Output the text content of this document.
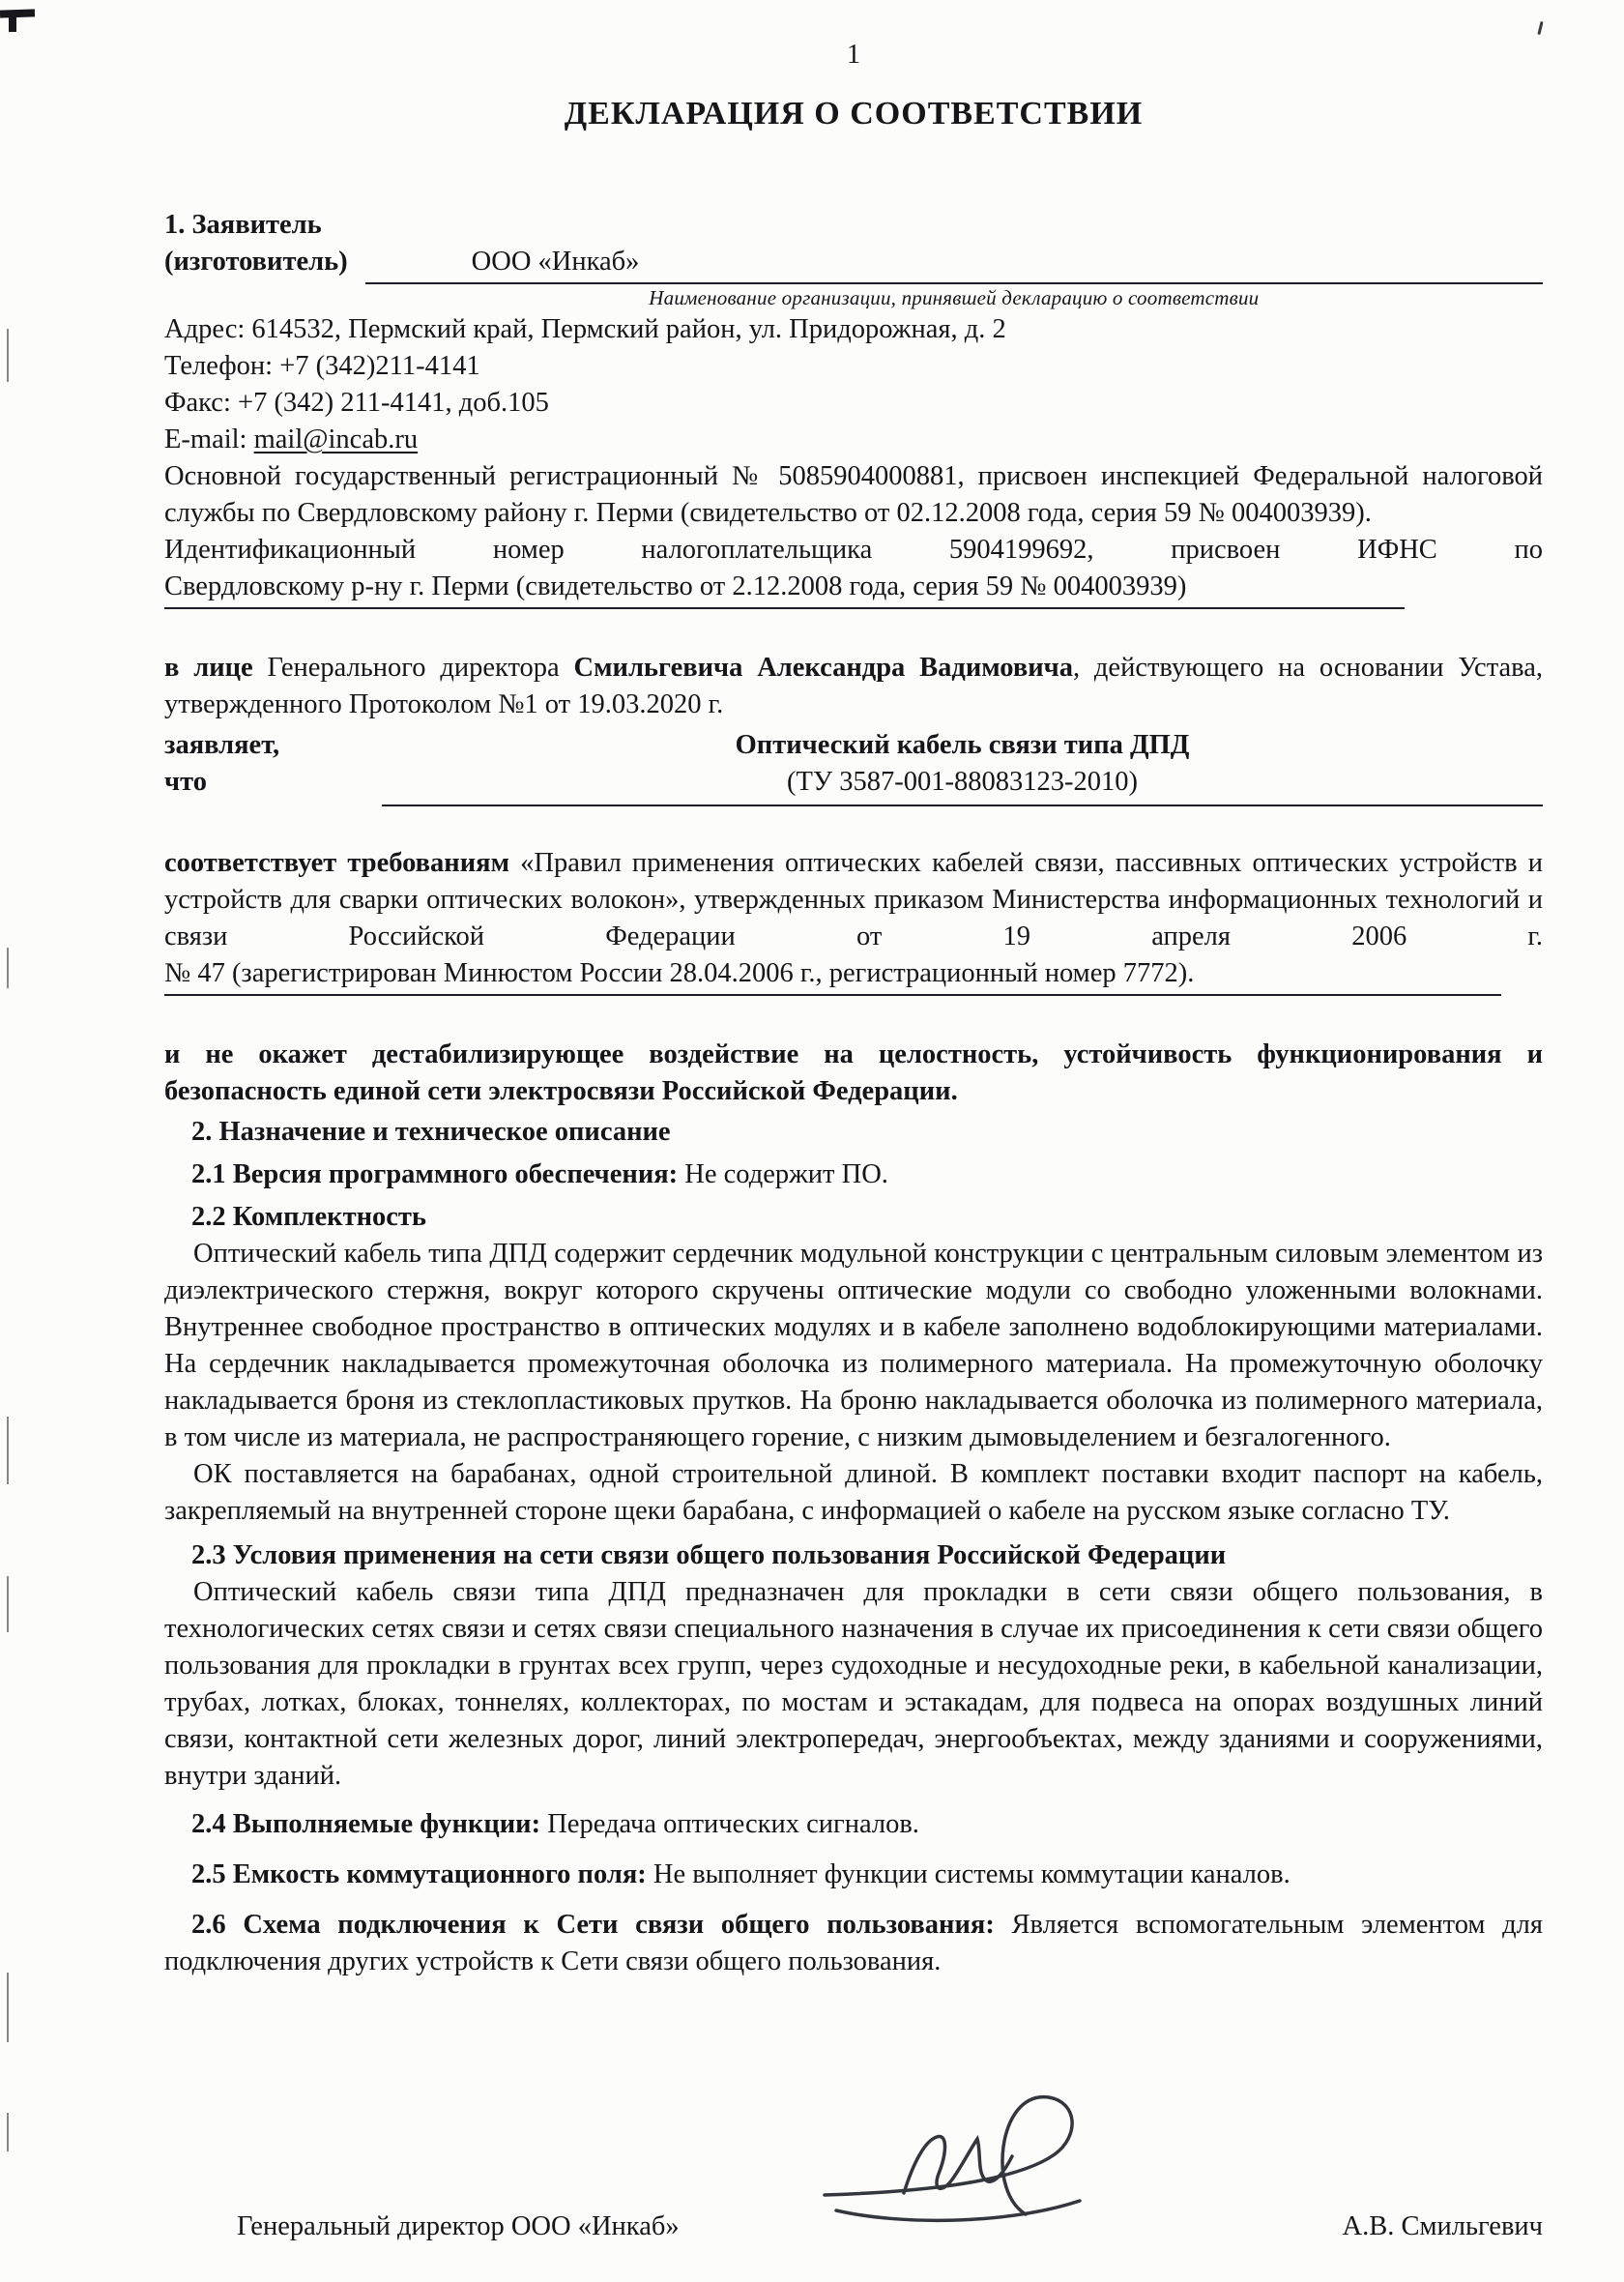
1
ДЕКЛАРАЦИЯ О СООТВЕТСТВИИ
1. Заявитель
(изготовитель)	ООО «Инкаб»
Наименование организации, принявшей декларацию о соответствии
Адрес: 614532, Пермский край, Пермский район, ул. Придорожная, д. 2
Телефон: +7 (342)211-4141
Факс: +7 (342) 211-4141, доб.105
E-mail: mail@incab.ru
Основной государственный регистрационный № 5085904000881, присвоен инспекцией Федеральной налоговой службы по Свердловскому району г. Перми (свидетельство от 02.12.2008 года, серия 59 № 004003939).
Идентификационный номер налогоплательщика 5904199692, присвоен ИФНС по
Свердловскому р-ну г. Перми (свидетельство от 2.12.2008 года, серия 59 № 004003939)
в лице Генерального директора Смильгевича Александра Вадимовича, действующего на основании Устава, утвержденного Протоколом №1 от 19.03.2020 г.
заявляет,
что
Оптический кабель связи типа ДПД
(ТУ 3587-001-88083123-2010)
соответствует требованиям «Правил применения оптических кабелей связи, пассивных оптических устройств и устройств для сварки оптических волокон», утвержденных приказом Министерства информационных технологий и связи Российской Федерации от 19 апреля 2006 г.
№ 47 (зарегистрирован Минюстом России 28.04.2006 г., регистрационный номер 7772).
и не окажет дестабилизирующее воздействие на целостность, устойчивость функционирования и безопасность единой сети электросвязи Российской Федерации.
2. Назначение и техническое описание
2.1 Версия программного обеспечения: Не содержит ПО.
2.2 Комплектность
Оптический кабель типа ДПД содержит сердечник модульной конструкции с центральным силовым элементом из диэлектрического стержня, вокруг которого скручены оптические модули со свободно уложенными волокнами. Внутреннее свободное пространство в оптических модулях и в кабеле заполнено водоблокирующими материалами. На сердечник накладывается промежуточная оболочка из полимерного материала. На промежуточную оболочку накладывается броня из стеклопластиковых прутков. На броню накладывается оболочка из полимерного материала, в том числе из материала, не распространяющего горение, с низким дымовыделением и безгалогенного.
ОК поставляется на барабанах, одной строительной длиной. В комплект поставки входит паспорт на кабель, закрепляемый на внутренней стороне щеки барабана, с информацией о кабеле на русском языке согласно ТУ.
2.3 Условия применения на сети связи общего пользования Российской Федерации
Оптический кабель связи типа ДПД предназначен для прокладки в сети связи общего пользования, в технологических сетях связи и сетях связи специального назначения в случае их присоединения к сети связи общего пользования для прокладки в грунтах всех групп, через судоходные и несудоходные реки, в кабельной канализации, трубах, лотках, блоках, тоннелях, коллекторах, по мостам и эстакадам, для подвеса на опорах воздушных линий связи, контактной сети железных дорог, линий электропередач, энергообъектах, между зданиями и сооружениями, внутри зданий.
2.4 Выполняемые функции: Передача оптических сигналов.
2.5 Емкость коммутационного поля: Не выполняет функции системы коммутации каналов.
2.6 Схема подключения к Сети связи общего пользования: Является вспомогательным элементом для подключения других устройств к Сети связи общего пользования.
Генеральный директор ООО «Инкаб»	А.В. Смильгевич
